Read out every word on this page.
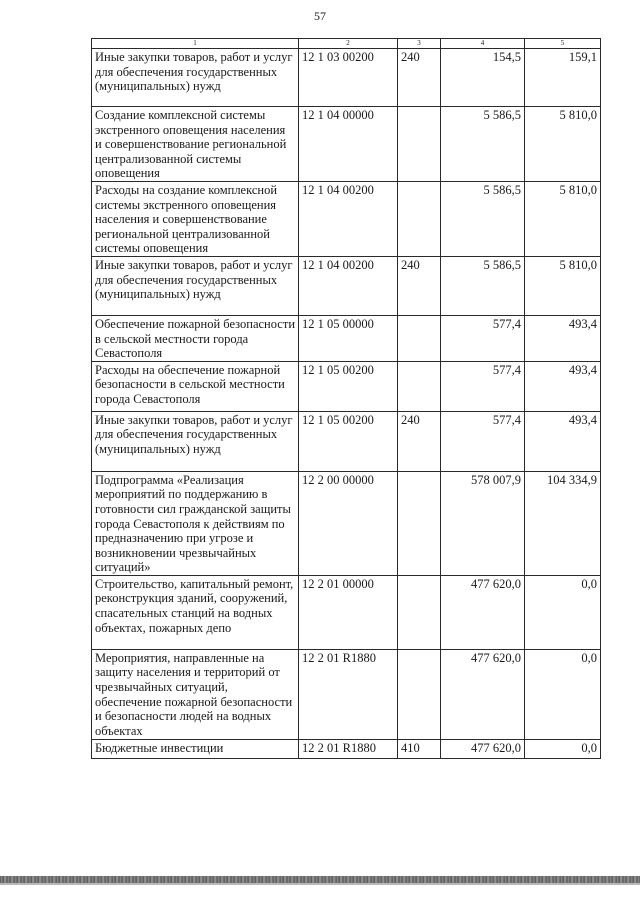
57
1	2	3	4	5
Иные закупки товаров, работ и услуг для обеспечения государственных (муниципальных) нужд	12 1 03 00200	240	154,5	159,1
Создание комплексной системы экстренного оповещения населения и совершенствование региональной централизованной системы оповещения	12 1 04 00000		5 586,5	5 810,0
Расходы на создание комплексной системы экстренного оповещения населения и совершенствование региональной централизованной системы оповещения	12 1 04 00200		5 586,5	5 810,0
Иные закупки товаров, работ и услуг для обеспечения государственных (муниципальных) нужд	12 1 04 00200	240	5 586,5	5 810,0
Обеспечение пожарной безопасности в сельской местности города Севастополя	12 1 05 00000		577,4	493,4
Расходы на обеспечение пожарной безопасности в сельской местности города Севастополя	12 1 05 00200		577,4	493,4
Иные закупки товаров, работ и услуг для обеспечения государственных (муниципальных) нужд	12 1 05 00200	240	577,4	493,4
Подпрограмма «Реализация мероприятий по поддержанию в готовности сил гражданской защиты города Севастополя к действиям по предназначению при угрозе и возникновении чрезвычайных ситуаций»	12 2 00 00000		578 007,9	104 334,9
Строительство, капитальный ремонт, реконструкция зданий, сооружений, спасательных станций на водных объектах, пожарных депо	12 2 01 00000		477 620,0	0,0
Мероприятия, направленные на защиту населения и территорий от чрезвычайных ситуаций, обеспечение пожарной безопасности и безопасности людей на водных объектах	12 2 01 R1880		477 620,0	0,0
Бюджетные инвестиции	12 2 01 R1880	410	477 620,0	0,0
